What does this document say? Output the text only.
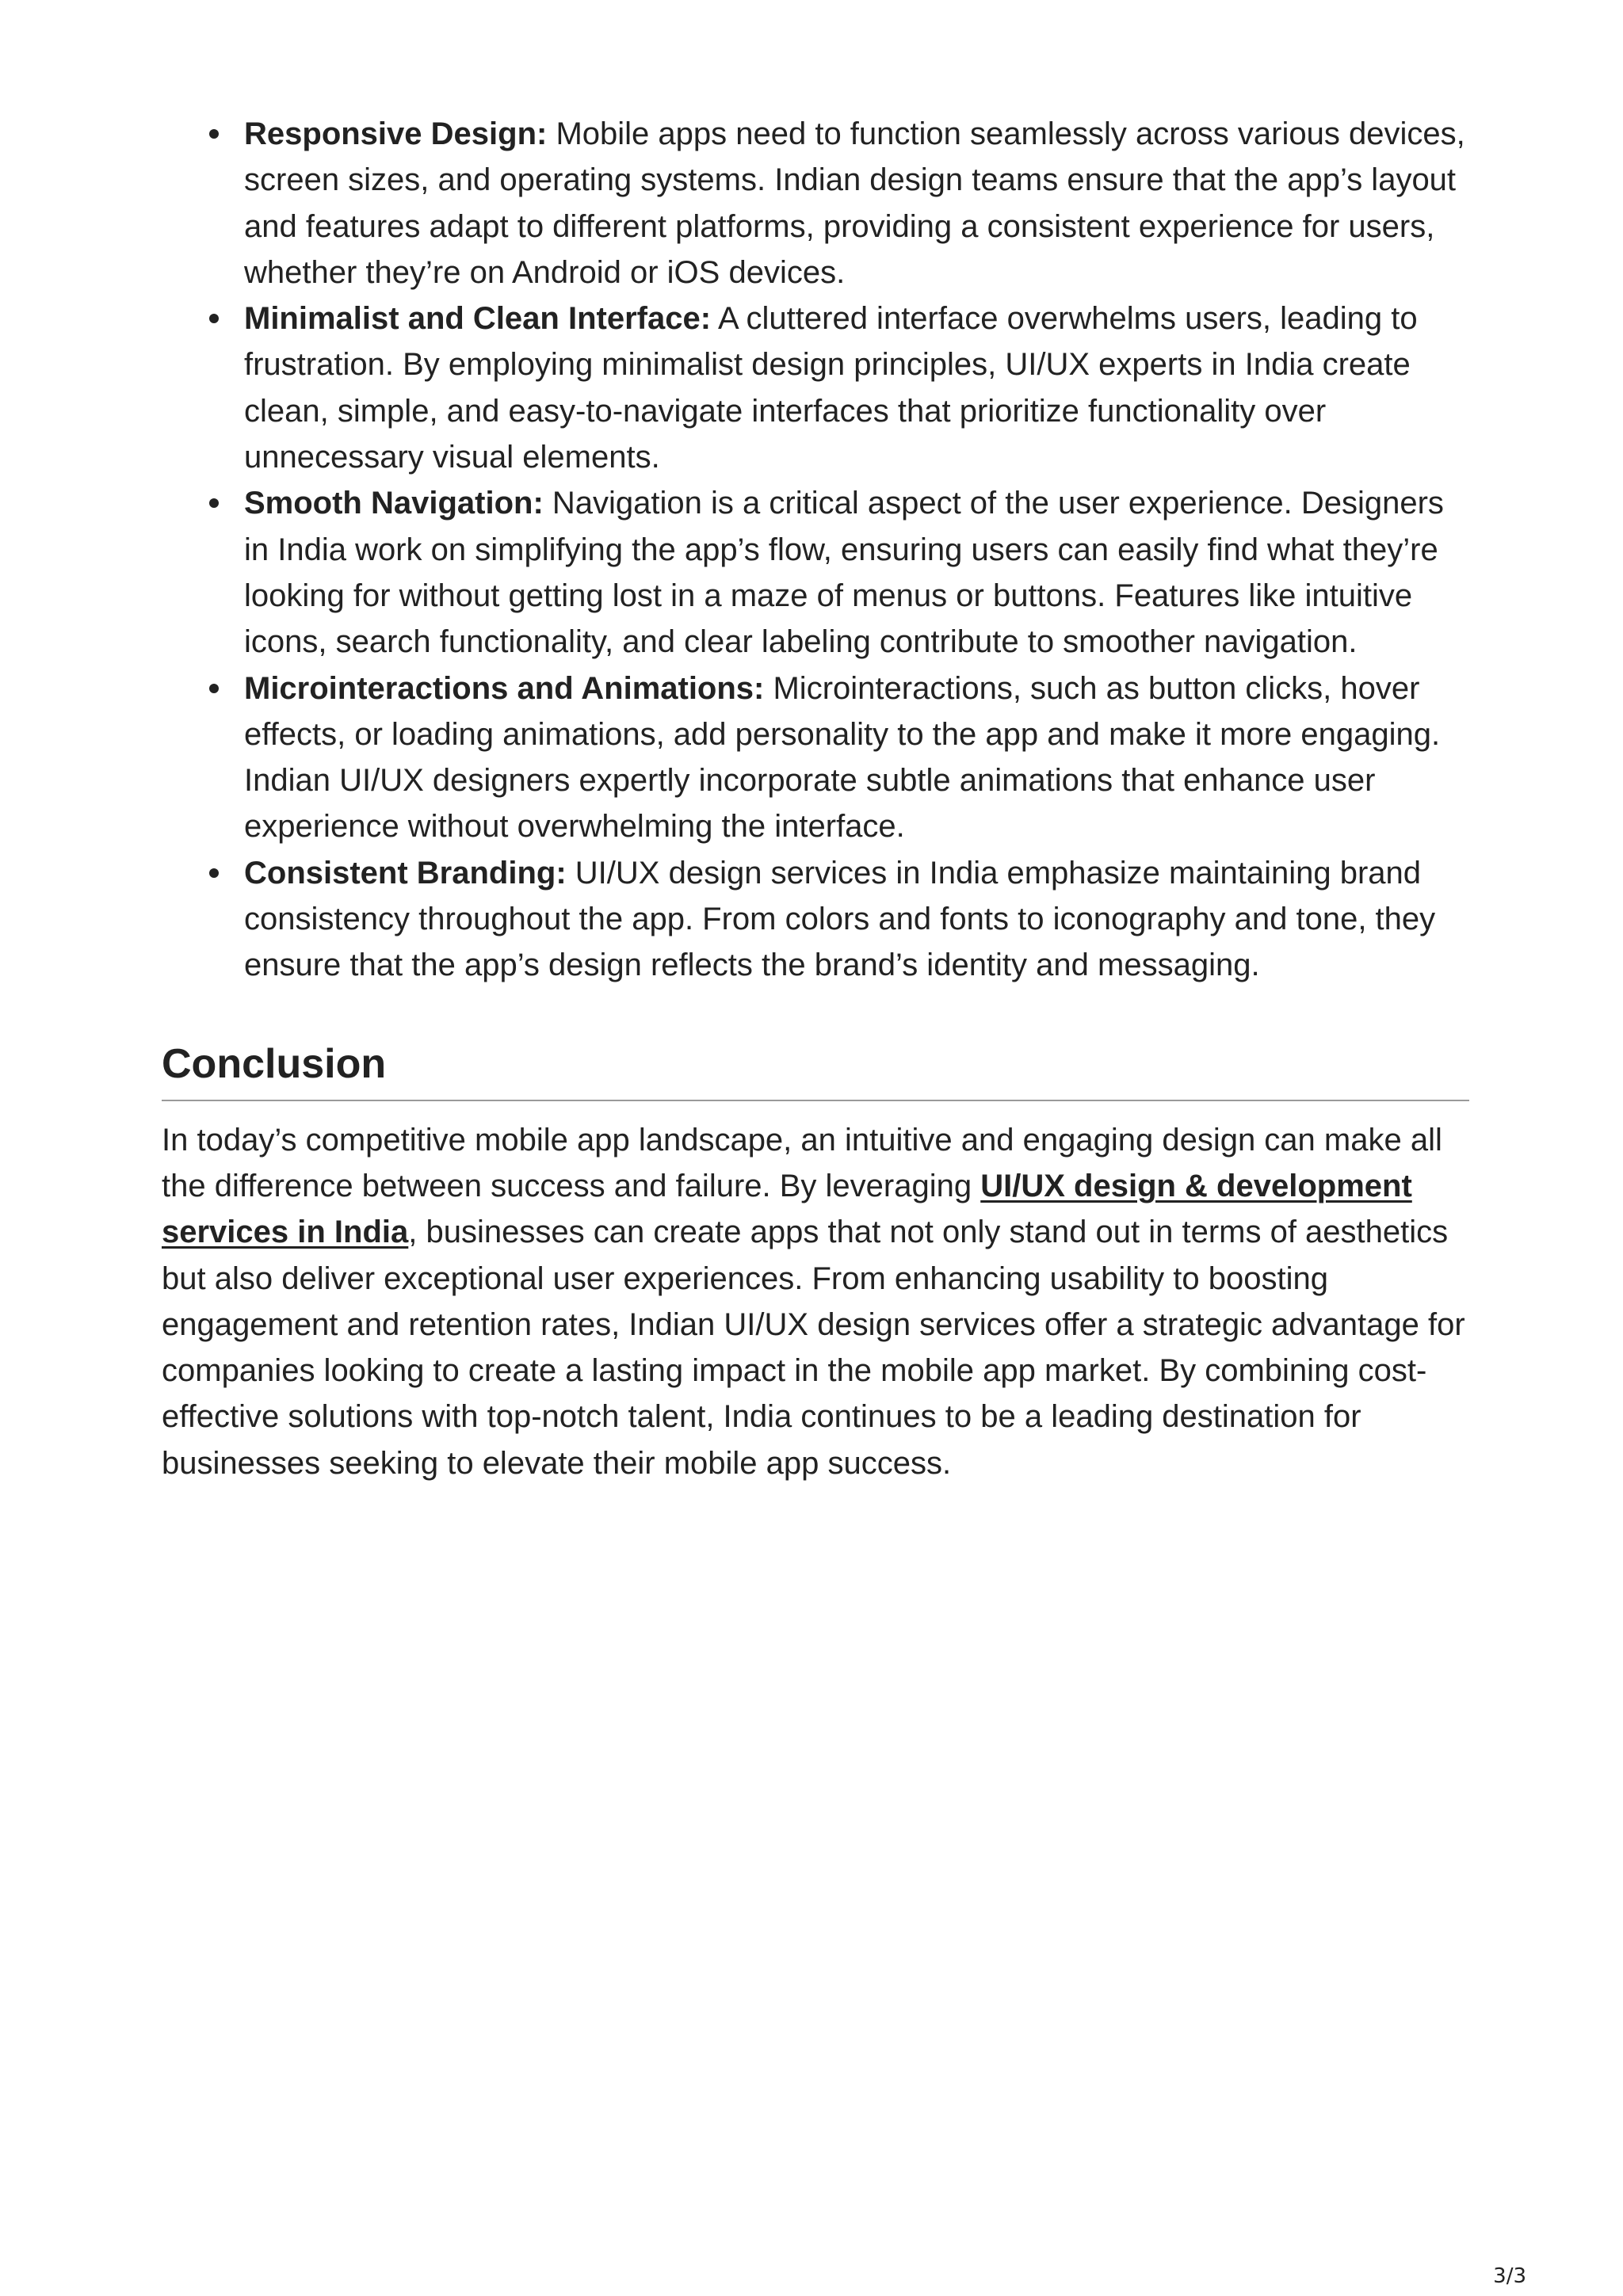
Responsive Design: Mobile apps need to function seamlessly across various devices, screen sizes, and operating systems. Indian design teams ensure that the app’s layout and features adapt to different platforms, providing a consistent experience for users, whether they’re on Android or iOS devices.
Minimalist and Clean Interface: A cluttered interface overwhelms users, leading to frustration. By employing minimalist design principles, UI/UX experts in India create clean, simple, and easy-to-navigate interfaces that prioritize functionality over unnecessary visual elements.
Smooth Navigation: Navigation is a critical aspect of the user experience. Designers in India work on simplifying the app’s flow, ensuring users can easily find what they’re looking for without getting lost in a maze of menus or buttons. Features like intuitive icons, search functionality, and clear labeling contribute to smoother navigation.
Microinteractions and Animations: Microinteractions, such as button clicks, hover effects, or loading animations, add personality to the app and make it more engaging. Indian UI/UX designers expertly incorporate subtle animations that enhance user experience without overwhelming the interface.
Consistent Branding: UI/UX design services in India emphasize maintaining brand consistency throughout the app. From colors and fonts to iconography and tone, they ensure that the app’s design reflects the brand’s identity and messaging.
Conclusion

In today’s competitive mobile app landscape, an intuitive and engaging design can make all the difference between success and failure. By leveraging UI/UX design & development services in India, businesses can create apps that not only stand out in terms of aesthetics but also deliver exceptional user experiences. From enhancing usability to boosting engagement and retention rates, Indian UI/UX design services offer a strategic advantage for companies looking to create a lasting impact in the mobile app market. By combining cost-effective solutions with top-notch talent, India continues to be a leading destination for businesses seeking to elevate their mobile app success.

3/3
